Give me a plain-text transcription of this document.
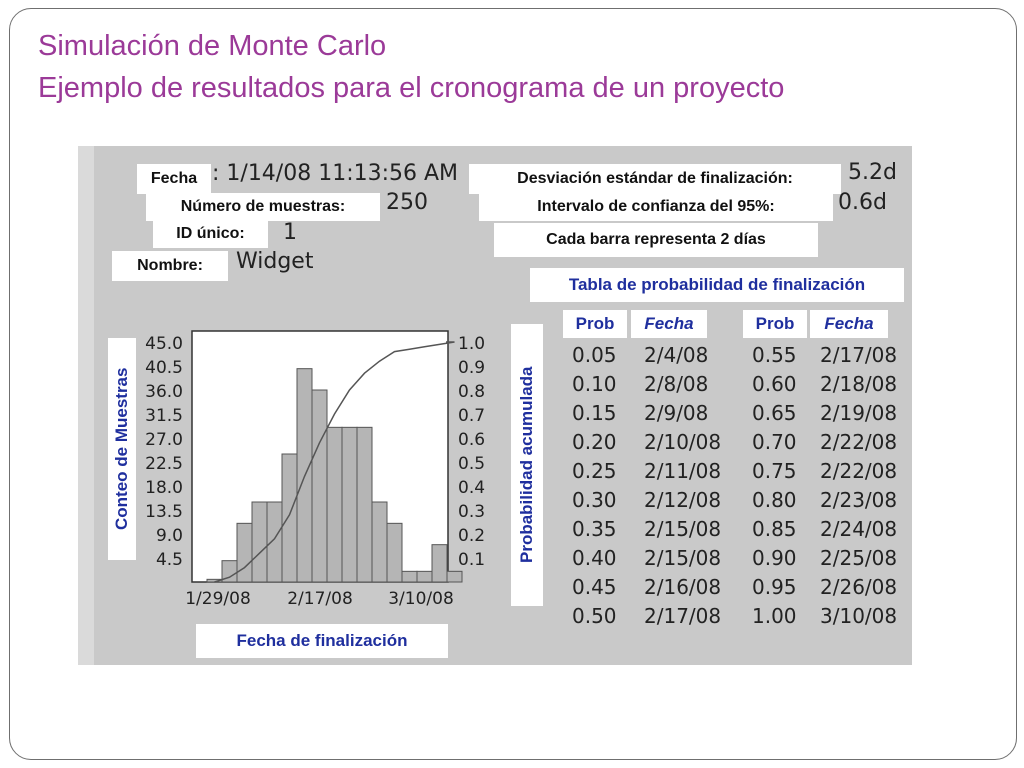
Simulación de Monte Carlo
Ejemplo de resultados para el cronograma de un proyecto
Fecha : 1/14/08 11:13:56 AM
Número de muestras:	250
ID único:	1
Nombre:	Widget
Desviación estándar de finalización:	5.2d
Intervalo de confianza del 95%:	0.6d
Cada barra representa 2 días
45.0
40.5
36.0
31.5
27.0
22.5
18.0
13.5
9.0
4.5
1.0
0.9
0.8
0.7
0.6
0.5
0.4
0.3
0.2
0.1
1/29/08 2/17/08 3/10/08
Conteo de Muestras	Probabilidad acumulada
Fecha de finalización
Tabla de probabilidad de finalización
Prob	Fecha	Prob	Fecha
0.05 2/4/08 0.55 2/17/08
0.10 2/8/08 0.60 2/18/08
0.15 2/9/08 0.65 2/19/08
0.20 2/10/08 0.70 2/22/08
0.25 2/11/08 0.75 2/22/08
0.30 2/12/08 0.80 2/23/08
0.35 2/15/08 0.85 2/24/08
0.40 2/15/08 0.90 2/25/08
0.45 2/16/08 0.95 2/26/08
0.50 2/17/08 1.00 3/10/08
